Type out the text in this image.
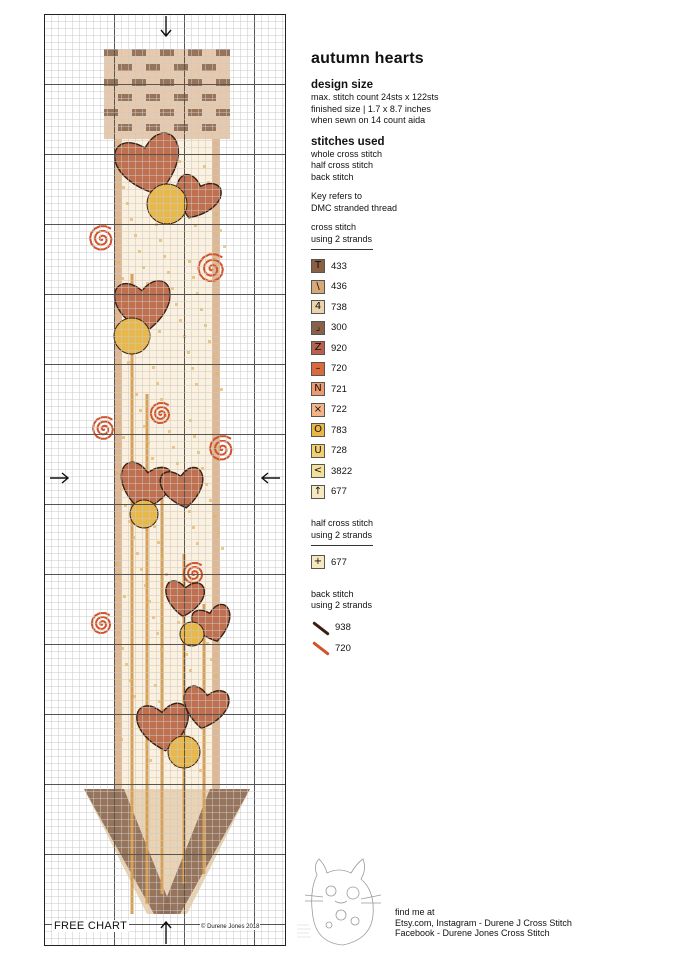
FREE CHART	© Durene Jones 2018
autumn hearts
design size
max. stitch count 24sts x 122sts
finished size | 1.7 x 8.7 inches
when sewn on 14 count aida
stitches used
whole cross stitch
half cross stitch
back stitch
Key refers to
DMC stranded thread
cross stitch
using 2 strands
T	433
\	436
4	738
⌟	300
Z	920
–	720
N 721
× 722
O 783
U 728
< 3822
↑ 677
half cross stitch
using 2 strands
+ 677
back stitch
using 2 strands
938
720
find me at
Etsy.com, Instagram - Durene J Cross Stitch
Facebook - Durene Jones Cross Stitch
